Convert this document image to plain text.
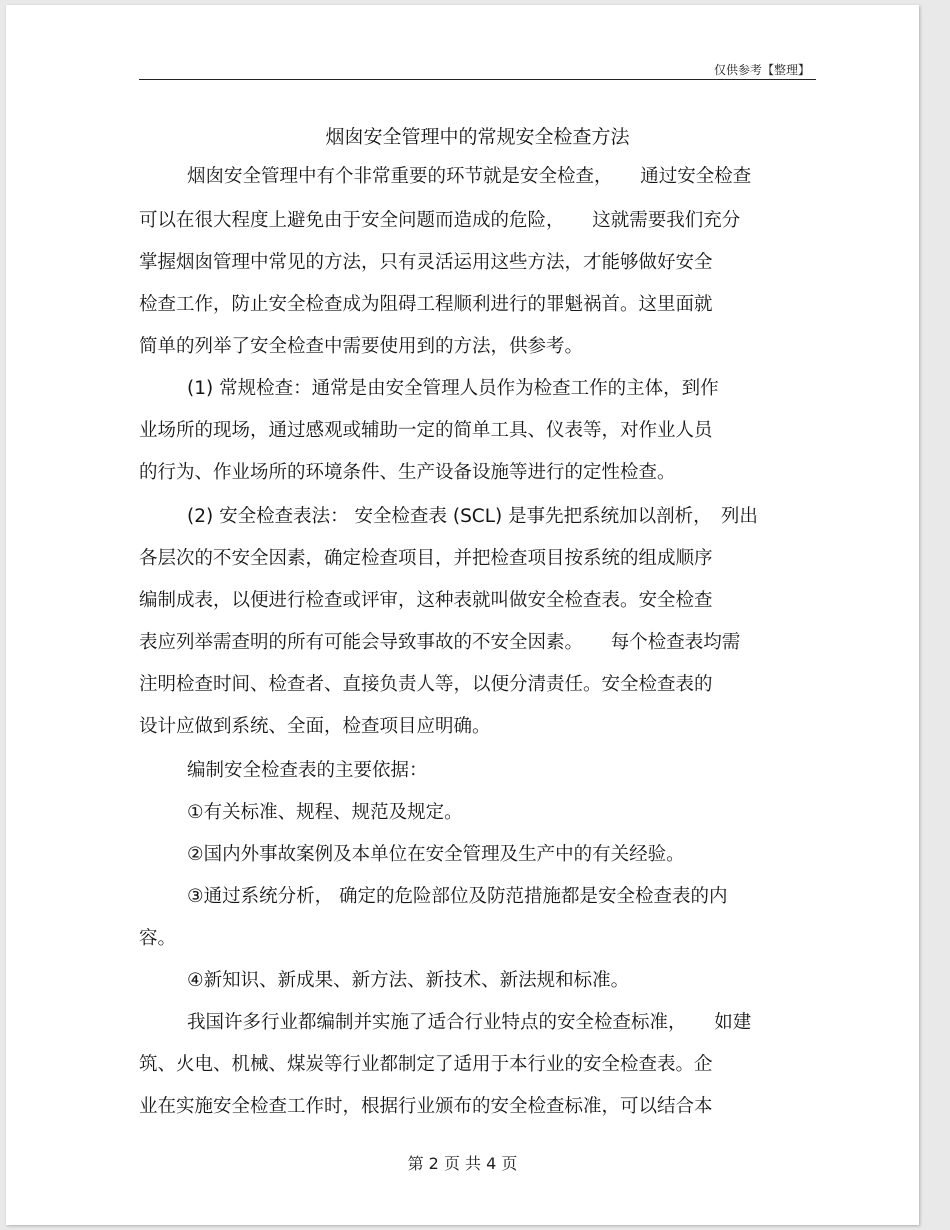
仅供参考【整理】
烟囱安全管理中的常规安全检查方法
烟囱安全管理中有个非常重要的环节就是安全检查，　　通过安全检查
可以在很大程度上避免由于安全问题而造成的危险，　　这就需要我们充分
掌握烟囱管理中常见的方法，只有灵活运用这些方法，才能够做好安全
检查工作，防止安全检查成为阻碍工程顺利进行的罪魁祸首。这里面就
简单的列举了安全检查中需要使用到的方法，供参考。
(1) 常规检查：通常是由安全管理人员作为检查工作的主体，到作
业场所的现场，通过感观或辅助一定的简单工具、仪表等，对作业人员
的行为、作业场所的环境条件、生产设备设施等进行的定性检查。
(2) 安全检查表法： 安全检查表 (SCL) 是事先把系统加以剖析，　列出
各层次的不安全因素，确定检查项目，并把检查项目按系统的组成顺序
编制成表，以便进行检查或评审，这种表就叫做安全检查表。安全检查
表应列举需查明的所有可能会导致事故的不安全因素。　　每个检查表均需
注明检查时间、检查者、直接负责人等，以便分清责任。安全检查表的
设计应做到系统、全面，检查项目应明确。
编制安全检查表的主要依据：
①有关标准、规程、规范及规定。
②国内外事故案例及本单位在安全管理及生产中的有关经验。
③通过系统分析， 确定的危险部位及防范措施都是安全检查表的内
容。
④新知识、新成果、新方法、新技术、新法规和标准。
我国许多行业都编制并实施了适合行业特点的安全检查标准，　　如建
筑、火电、机械、煤炭等行业都制定了适用于本行业的安全检查表。企
业在实施安全检查工作时，根据行业颁布的安全检查标准，可以结合本
第 2 页 共 4 页
